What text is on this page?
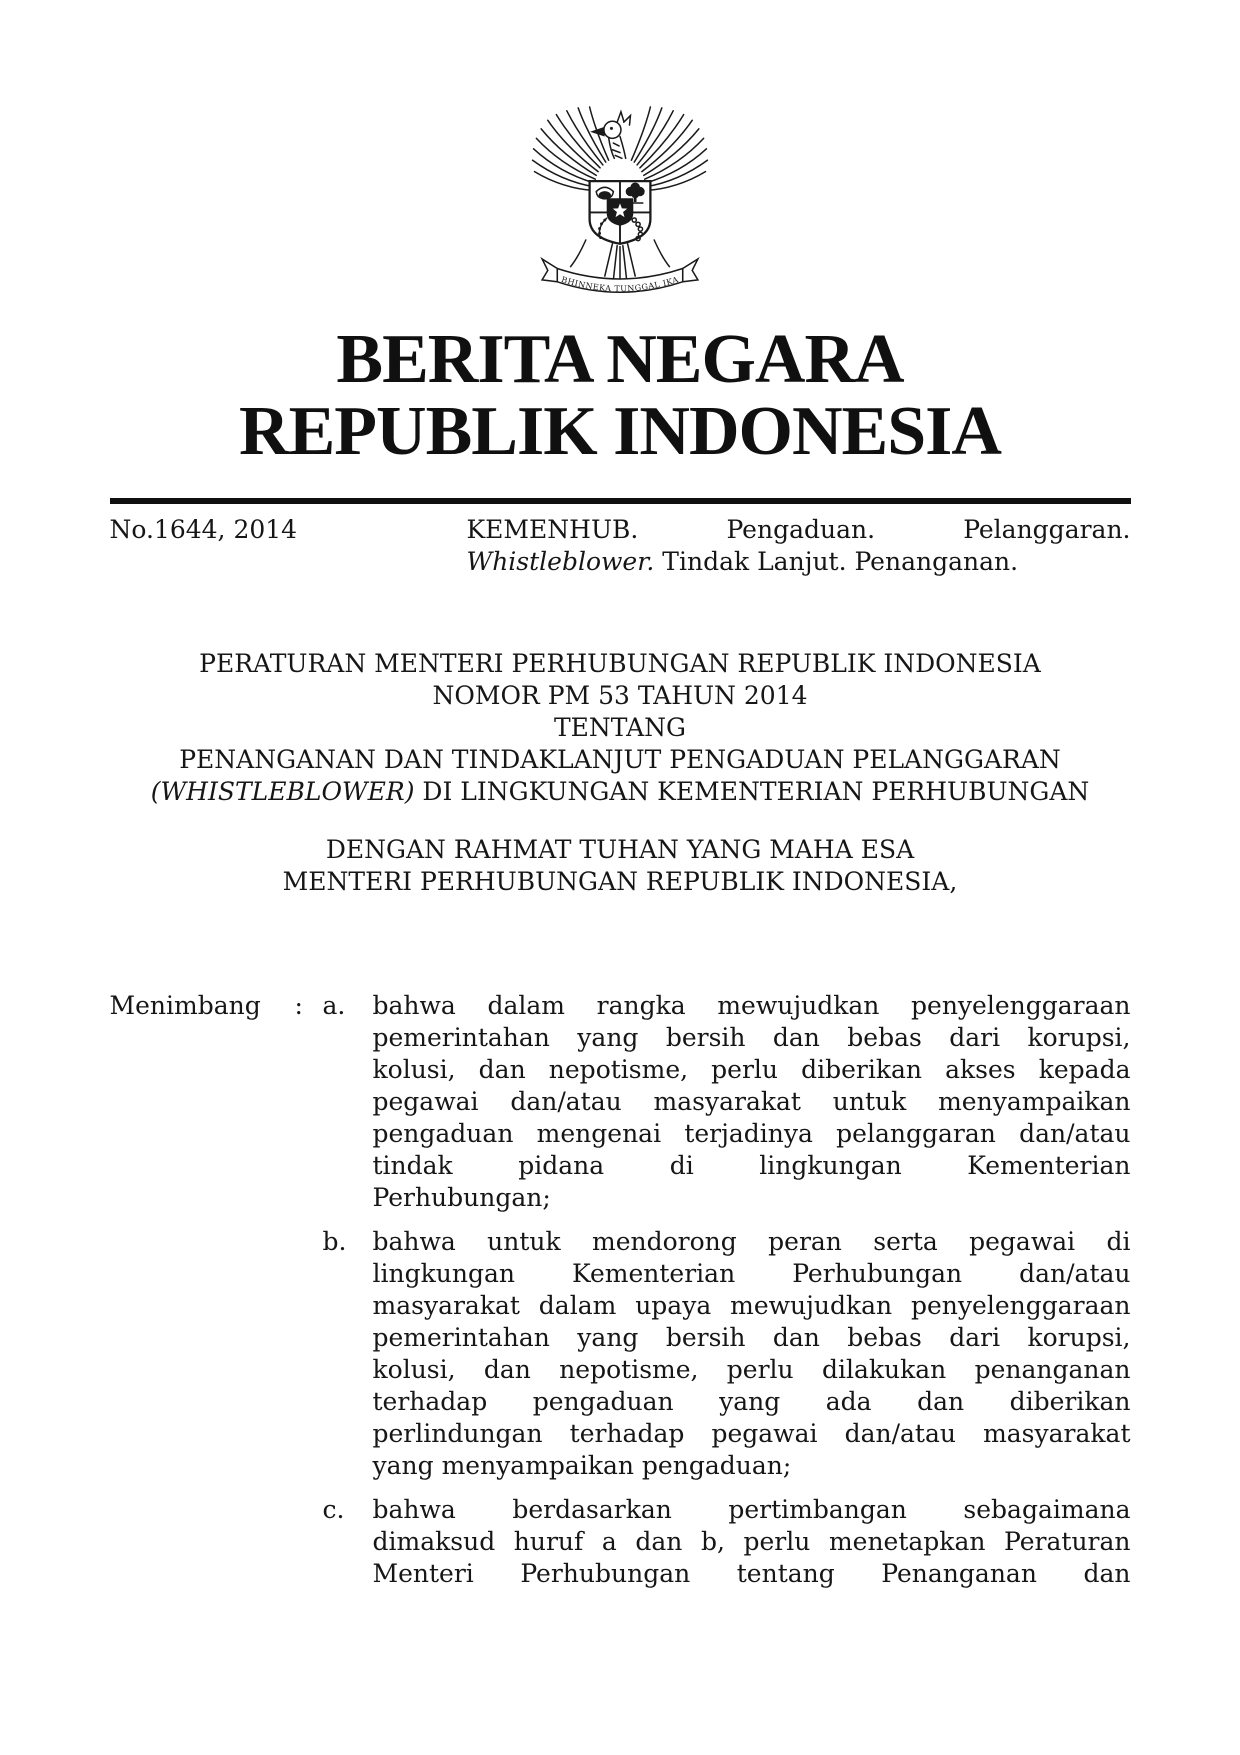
BHINNEKA TUNGGAL IKA
BERITA NEGARA
REPUBLIK INDONESIA
No.1644, 2014	KEMENHUB.	Pengaduan.	Pelanggaran.
Whistleblower. Tindak Lanjut. Penanganan.
PERATURAN MENTERI PERHUBUNGAN REPUBLIK INDONESIA
NOMOR PM 53 TAHUN 2014
TENTANG
PENANGANAN DAN TINDAKLANJUT PENGADUAN PELANGGARAN
(WHISTLEBLOWER) DI LINGKUNGAN KEMENTERIAN PERHUBUNGAN
DENGAN RAHMAT TUHAN YANG MAHA ESA
MENTERI PERHUBUNGAN REPUBLIK INDONESIA,
Menimbang	: a.	bahwa dalam rangka mewujudkan penyelenggaraan
pemerintahan yang bersih dan bebas dari korupsi,
kolusi, dan nepotisme, perlu diberikan akses kepada
pegawai dan/atau masyarakat untuk menyampaikan
pengaduan mengenai terjadinya pelanggaran dan/atau
tindak pidana di lingkungan Kementerian
Perhubungan;
b.	bahwa untuk mendorong peran serta pegawai di
lingkungan Kementerian Perhubungan dan/atau
masyarakat dalam upaya mewujudkan penyelenggaraan
pemerintahan yang bersih dan bebas dari korupsi,
kolusi, dan nepotisme, perlu dilakukan penanganan
terhadap pengaduan yang ada dan diberikan
perlindungan terhadap pegawai dan/atau masyarakat
yang menyampaikan pengaduan;
c.	bahwa berdasarkan pertimbangan sebagaimana
dimaksud huruf a dan b, perlu menetapkan Peraturan
Menteri Perhubungan tentang Penanganan dan
